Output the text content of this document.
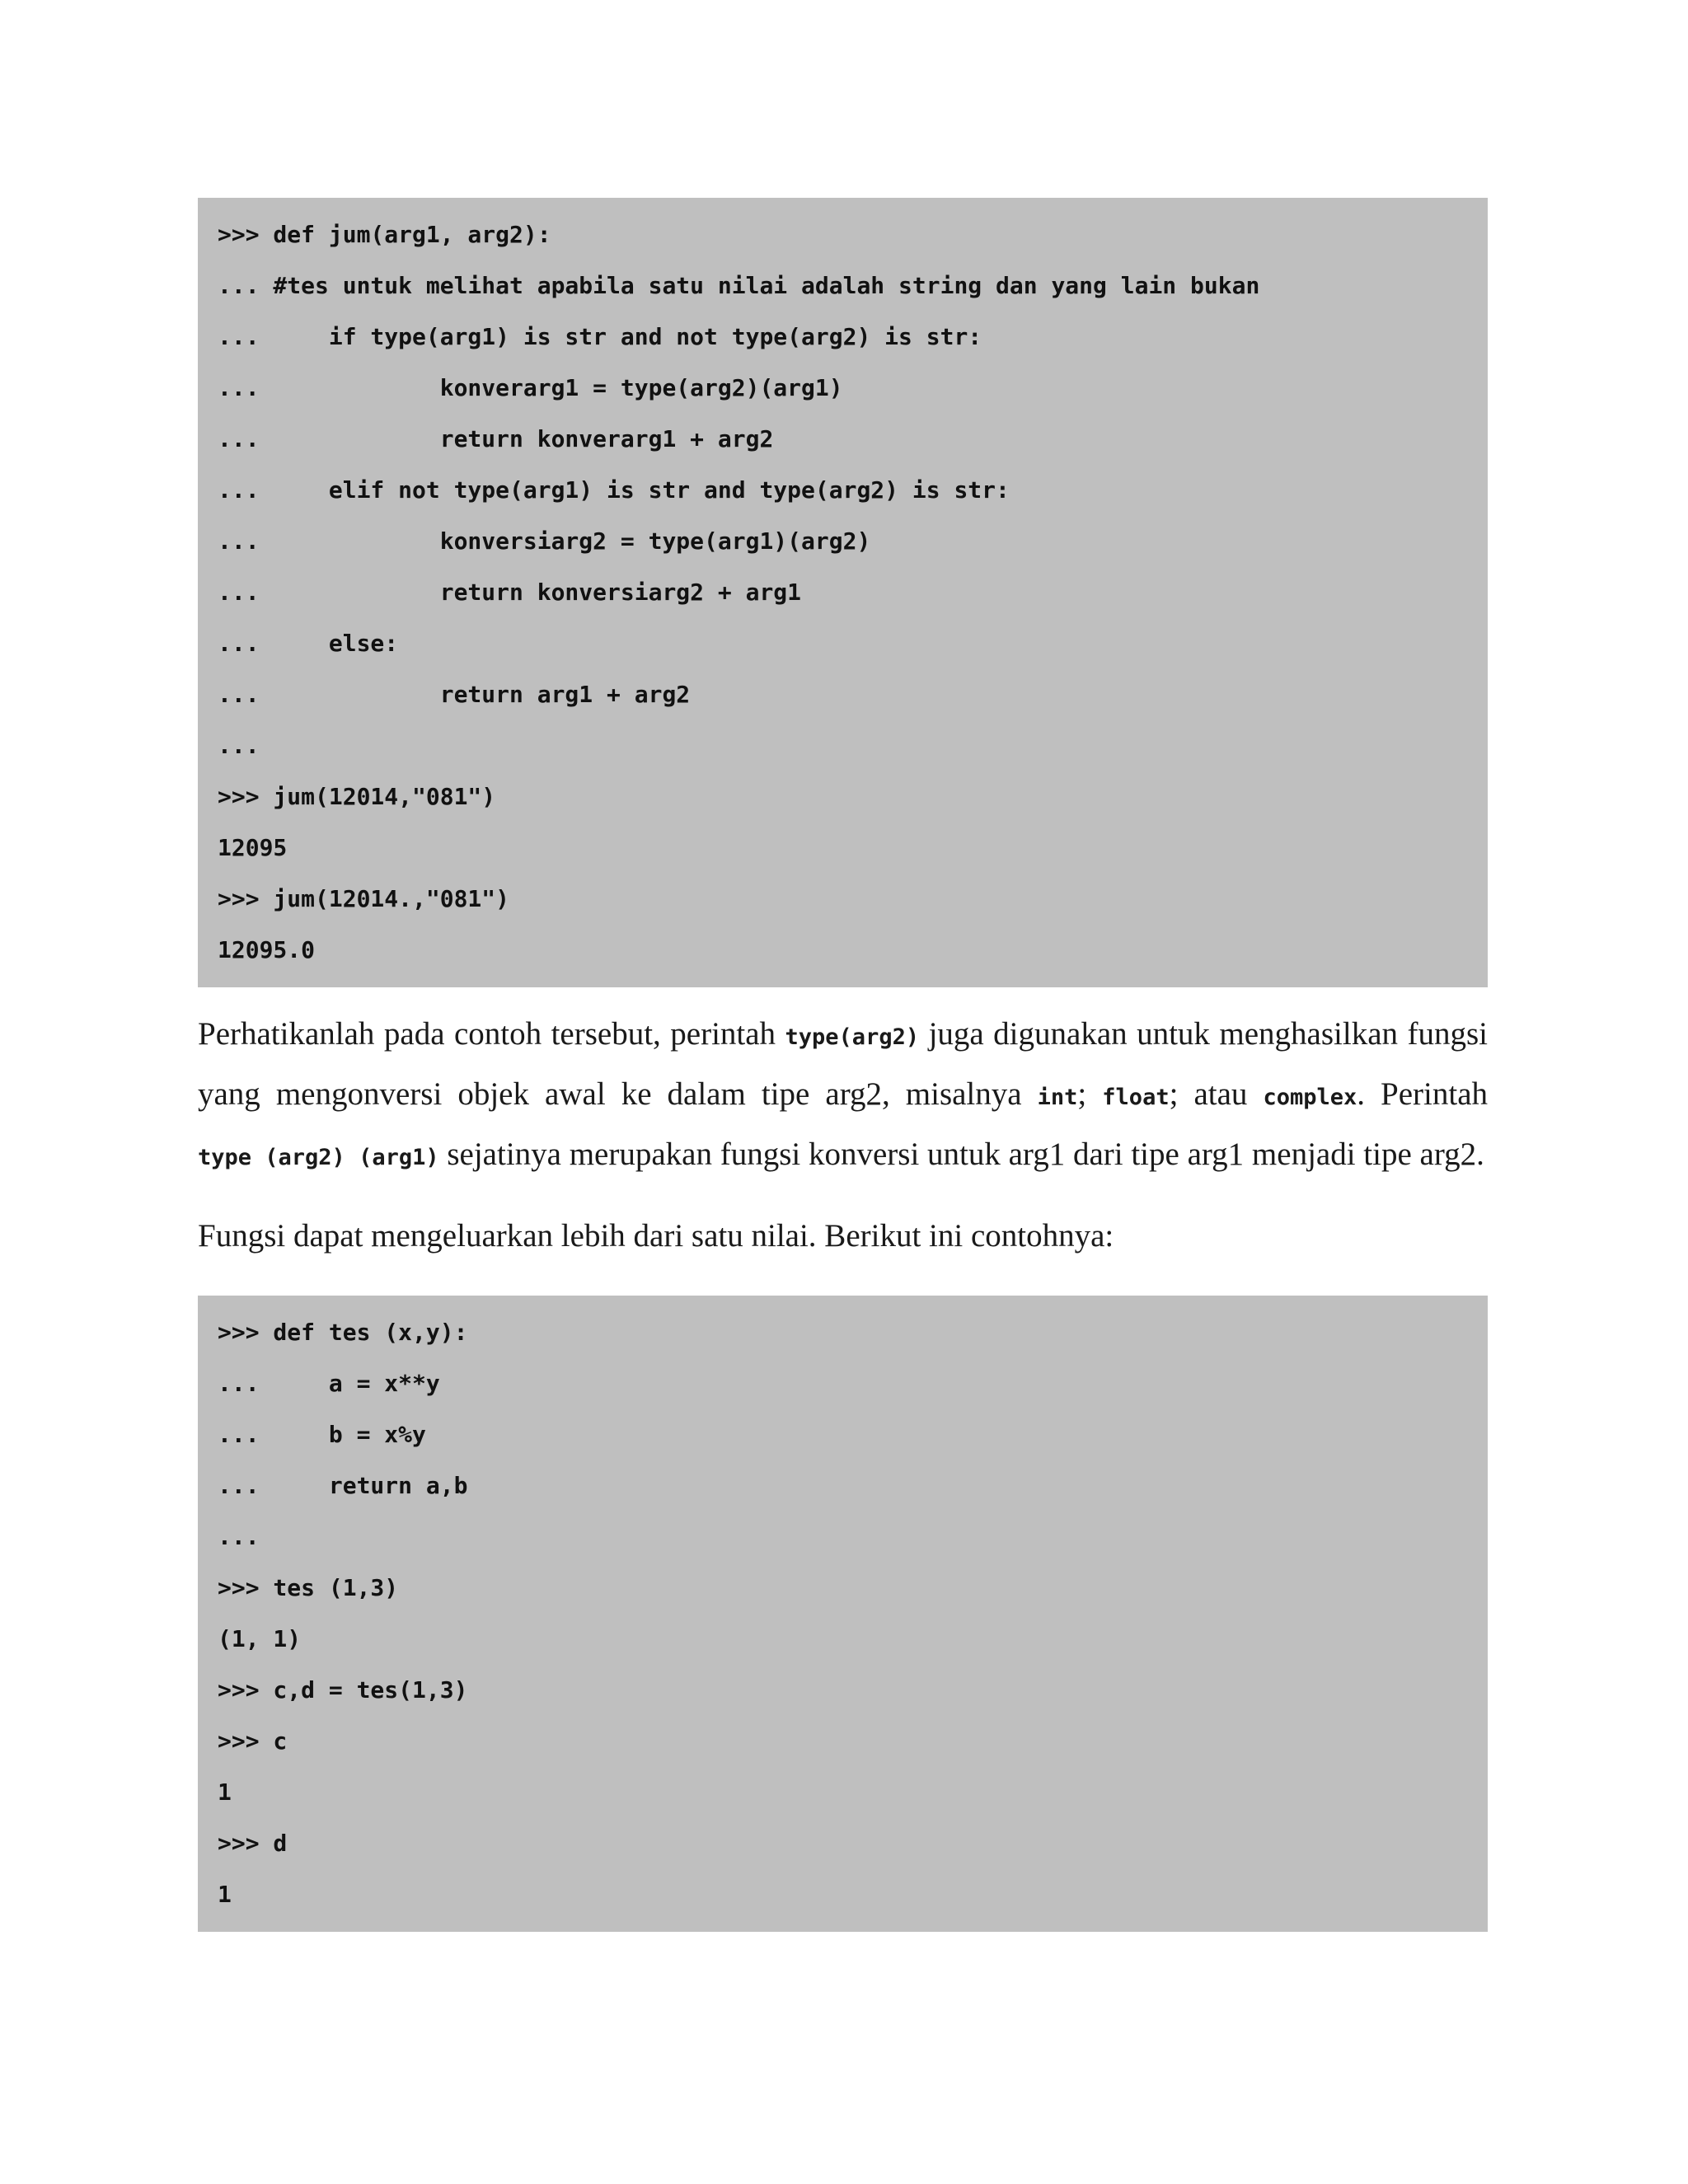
>>> def jum(arg1, arg2):
... #tes untuk melihat apabila satu nilai adalah string dan yang lain bukan
...     if type(arg1) is str and not type(arg2) is str:
...             konverarg1 = type(arg2)(arg1)
...             return konverarg1 + arg2
...     elif not type(arg1) is str and type(arg2) is str:
...             konversiarg2 = type(arg1)(arg2)
...             return konversiarg2 + arg1
...     else:
...             return arg1 + arg2
...
>>> jum(12014,"081")
12095
>>> jum(12014.,"081")
12095.0

Perhatikanlah pada contoh tersebut, perintah type(arg2) juga digunakan untuk menghasilkan fungsi yang mengonversi objek awal ke dalam tipe arg2, misalnya int; float; atau complex. Perintah type (arg2) (arg1) sejatinya merupakan fungsi konversi untuk arg1 dari tipe arg1 menjadi tipe arg2.

Fungsi dapat mengeluarkan lebih dari satu nilai. Berikut ini contohnya:

>>> def tes (x,y):
...     a = x**y
...     b = x%y
...     return a,b
...
>>> tes (1,3)
(1, 1)
>>> c,d = tes(1,3)
>>> c
1
>>> d
1
